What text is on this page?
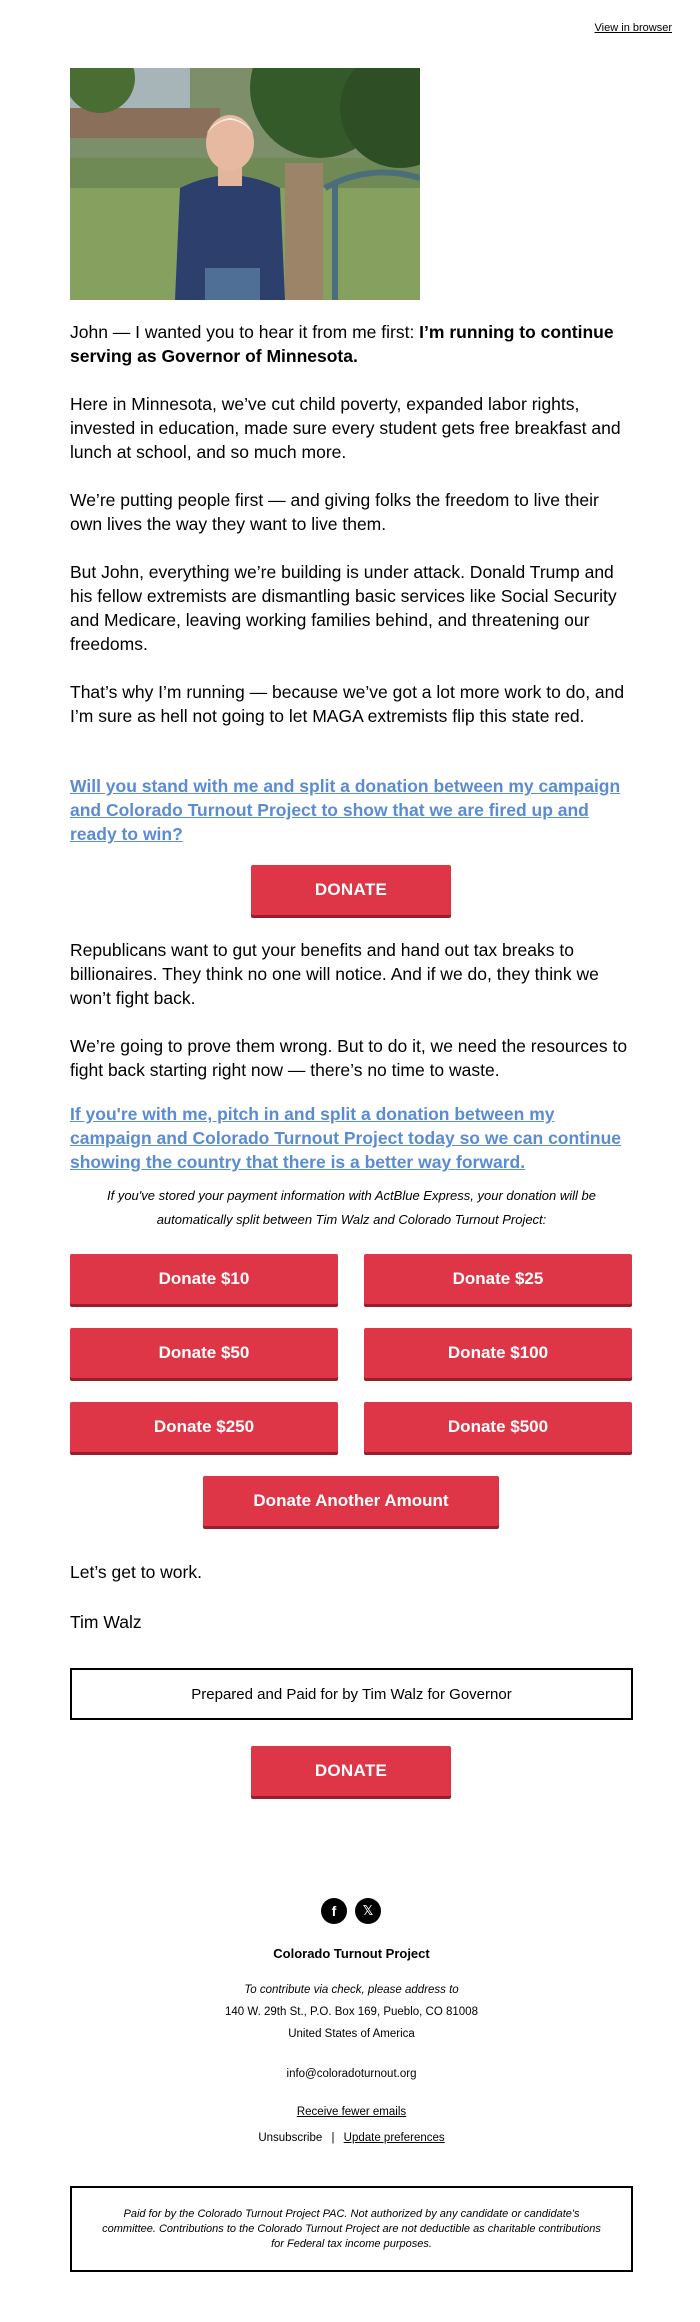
View in browser

John — I wanted you to hear it from me first: I’m running to continue serving as Governor of Minnesota.

Here in Minnesota, we’ve cut child poverty, expanded labor rights, invested in education, made sure every student gets free breakfast and lunch at school, and so much more.

We’re putting people first — and giving folks the freedom to live their own lives the way they want to live them.

But John, everything we’re building is under attack. Donald Trump and his fellow extremists are dismantling basic services like Social Security and Medicare, leaving working families behind, and threatening our freedoms.

That’s why I’m running — because we’ve got a lot more work to do, and I’m sure as hell not going to let MAGA extremists flip this state red.

Will you stand with me and split a donation between my campaign and Colorado Turnout Project to show that we are fired up and ready to win?

DONATE

Republicans want to gut your benefits and hand out tax breaks to billionaires. They think no one will notice. And if we do, they think we won’t fight back.

We’re going to prove them wrong. But to do it, we need the resources to fight back starting right now — there’s no time to waste.

If you're with me, pitch in and split a donation between my campaign and Colorado Turnout Project today so we can continue showing the country that there is a better way forward.

If you've stored your payment information with ActBlue Express, your donation will be automatically split between Tim Walz and Colorado Turnout Project:

Donate $10	Donate $25
Donate $50	Donate $100
Donate $250	Donate $500
Donate Another Amount

Let’s get to work.

Tim Walz

Prepared and Paid for by Tim Walz for Governor
DONATE
f	𝕏
Colorado Turnout Project
To contribute via check, please address to
140 W. 29th St., P.O. Box 169, Pueblo, CO 81008
United States of America
info@coloradoturnout.org
Receive fewer emails
Unsubscribe | Update preferences
Paid for by the Colorado Turnout Project PAC. Not authorized by any candidate or candidate's committee. Contributions to the Colorado Turnout Project are not deductible as charitable contributions for Federal tax income purposes.
